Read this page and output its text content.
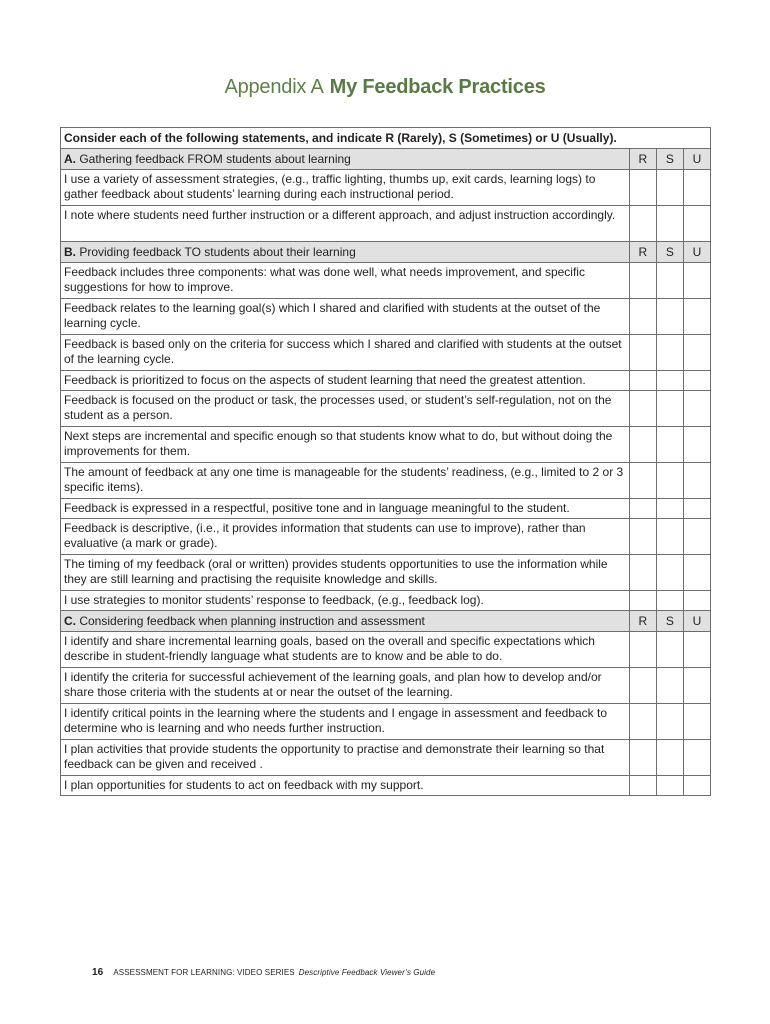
Appendix A My Feedback Practices
Consider each of the following statements, and indicate R (Rarely), S (Sometimes) or U (Usually).			
A. Gathering feedback FROM students about learning	R	S	U
I use a variety of assessment strategies, (e.g., traffic lighting, thumbs up, exit cards, learning logs) to gather feedback about students’ learning during each instructional period.			
I note where students need further instruction or a different approach, and adjust instruction accordingly.			
B. Providing feedback TO students about their learning	R	S	U
Feedback includes three components: what was done well, what needs improvement, and specific suggestions for how to improve.			
Feedback relates to the learning goal(s) which I shared and clarified with students at the outset of the learning cycle.			
Feedback is based only on the criteria for success which I shared and clarified with students at the outset of the learning cycle.			
Feedback is prioritized to focus on the aspects of student learning that need the greatest attention.			
Feedback is focused on the product or task, the processes used, or student’s self-regulation, not on the student as a person.			
Next steps are incremental and specific enough so that students know what to do, but without doing the improvements for them.			
The amount of feedback at any one time is manageable for the students’ readiness, (e.g., limited to 2 or 3 specific items).			
Feedback is expressed in a respectful, positive tone and in language meaningful to the student.			
Feedback is descriptive, (i.e., it provides information that students can use to improve), rather than evaluative (a mark or grade).			
The timing of my feedback (oral or written) provides students opportunities to use the information while they are still learning and practising the requisite knowledge and skills.			
I use strategies to monitor students’ response to feedback, (e.g., feedback log).			
C. Considering feedback when planning instruction and assessment	R	S	U
I identify and share incremental learning goals, based on the overall and specific expectations which describe in student-friendly language what students are to know and be able to do.			
I identify the criteria for successful achievement of the learning goals, and plan how to develop and/or share those criteria with the students at or near the outset of the learning.			
I identify critical points in the learning where the students and I engage in assessment and feedback to determine who is learning and who needs further instruction.			
I plan activities that provide students the opportunity to practise and demonstrate their learning so that feedback can be given and received .			
I plan opportunities for students to act on feedback with my support.			
16 ASSESSMENT FOR LEARNING: VIDEO SERIES Descriptive Feedback Viewer’s Guide
